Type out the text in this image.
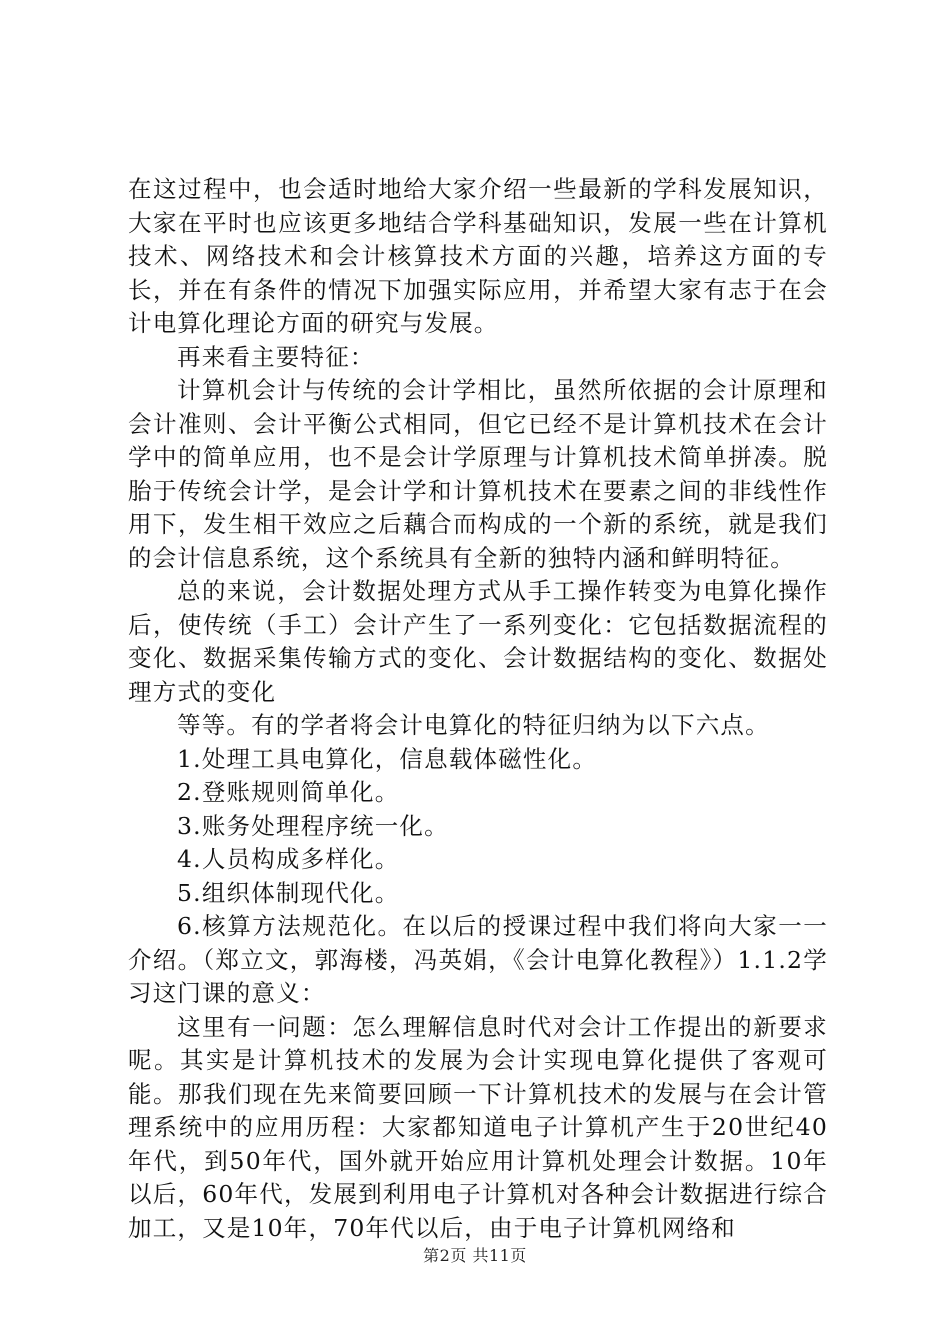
在这过程中，也会适时地给大家介绍一些最新的学科发展知识，大家在平时也应该更多地结合学科基础知识，发展一些在计算机技术、网络技术和会计核算技术方面的兴趣，培养这方面的专长，并在有条件的情况下加强实际应用，并希望大家有志于在会计电算化理论方面的研究与发展。

再来看主要特征：

计算机会计与传统的会计学相比，虽然所依据的会计原理和会计准则、会计平衡公式相同，但它已经不是计算机技术在会计学中的简单应用，也不是会计学原理与计算机技术简单拼凑。脱胎于传统会计学，是会计学和计算机技术在要素之间的非线性作用下，发生相干效应之后藕合而构成的一个新的系统，就是我们的会计信息系统，这个系统具有全新的独特内涵和鲜明特征。

总的来说，会计数据处理方式从手工操作转变为电算化操作后，使传统（手工）会计产生了一系列变化：它包括数据流程的变化、数据采集传输方式的变化、会计数据结构的变化、数据处理方式的变化

等等。有的学者将会计电算化的特征归纳为以下六点。

1.处理工具电算化，信息载体磁性化。

2.登账规则简单化。

3.账务处理程序统一化。

4.人员构成多样化。

5.组织体制现代化。

6.核算方法规范化。在以后的授课过程中我们将向大家一一介绍。（郑立文，郭海楼，冯英娟，《会计电算化教程》）1.1.2学习这门课的意义：

这里有一问题：怎么理解信息时代对会计工作提出的新要求呢。其实是计算机技术的发展为会计实现电算化提供了客观可能。那我们现在先来简要回顾一下计算机技术的发展与在会计管理系统中的应用历程：大家都知道电子计算机产生于20世纪40年代，到50年代，国外就开始应用计算机处理会计数据。10年以后，60年代，发展到利用电子计算机对各种会计数据进行综合加工，又是10年，70年代以后，由于电子计算机网络和

第2页 共11页
